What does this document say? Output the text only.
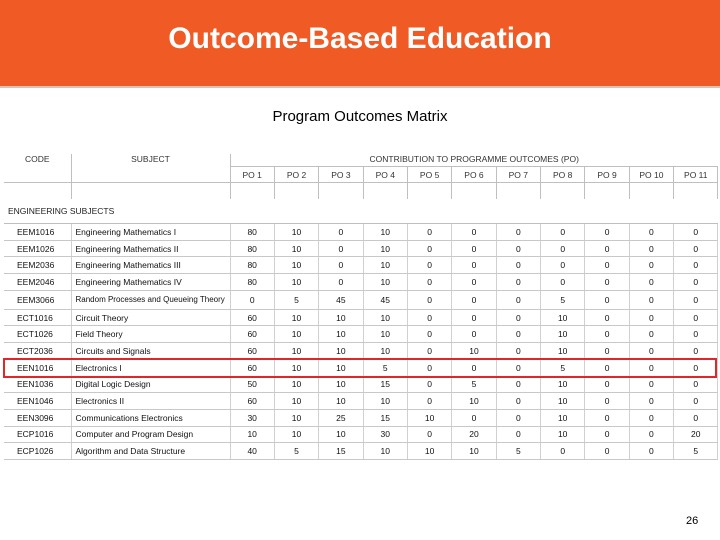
Outcome-Based Education
Program Outcomes Matrix
CODE	SUBJECT	CONTRIBUTION TO PROGRAMME OUTCOMES (PO)										
		PO 1	PO 2	PO 3	PO 4	PO 5	PO 6	PO 7	PO 8	PO 9	PO 10	PO 11

ENGINEERING SUBJECTS												
EEM1016	Engineering Mathematics I	80	10	0	10	0	0	0	0	0	0	0
EEM1026	Engineering Mathematics II	80	10	0	10	0	0	0	0	0	0	0
EEM2036	Engineering Mathematics III	80	10	0	10	0	0	0	0	0	0	0
EEM2046	Engineering Mathematics IV	80	10	0	10	0	0	0	0	0	0	0
EEM3066	Random Processes and Queueing Theory	0	5	45	45	0	0	0	5	0	0	0
ECT1016	Circuit Theory	60	10	10	10	0	0	0	10	0	0	0
ECT1026	Field Theory	60	10	10	10	0	0	0	10	0	0	0
ECT2036	Circuits and Signals	60	10	10	10	0	10	0	10	0	0	0
EEN1016	Electronics I	60	10	10	5	0	0	0	5	0	0	0
EEN1036	Digital Logic Design	50	10	10	15	0	5	0	10	0	0	0
EEN1046	Electronics II	60	10	10	10	0	10	0	10	0	0	0
EEN3096	Communications Electronics	30	10	25	15	10	0	0	10	0	0	0
ECP1016	Computer and Program Design	10	10	10	30	0	20	0	10	0	0	20
ECP1026	Algorithm and Data Structure	40	5	15	10	10	10	5	0	0	0	5
26
